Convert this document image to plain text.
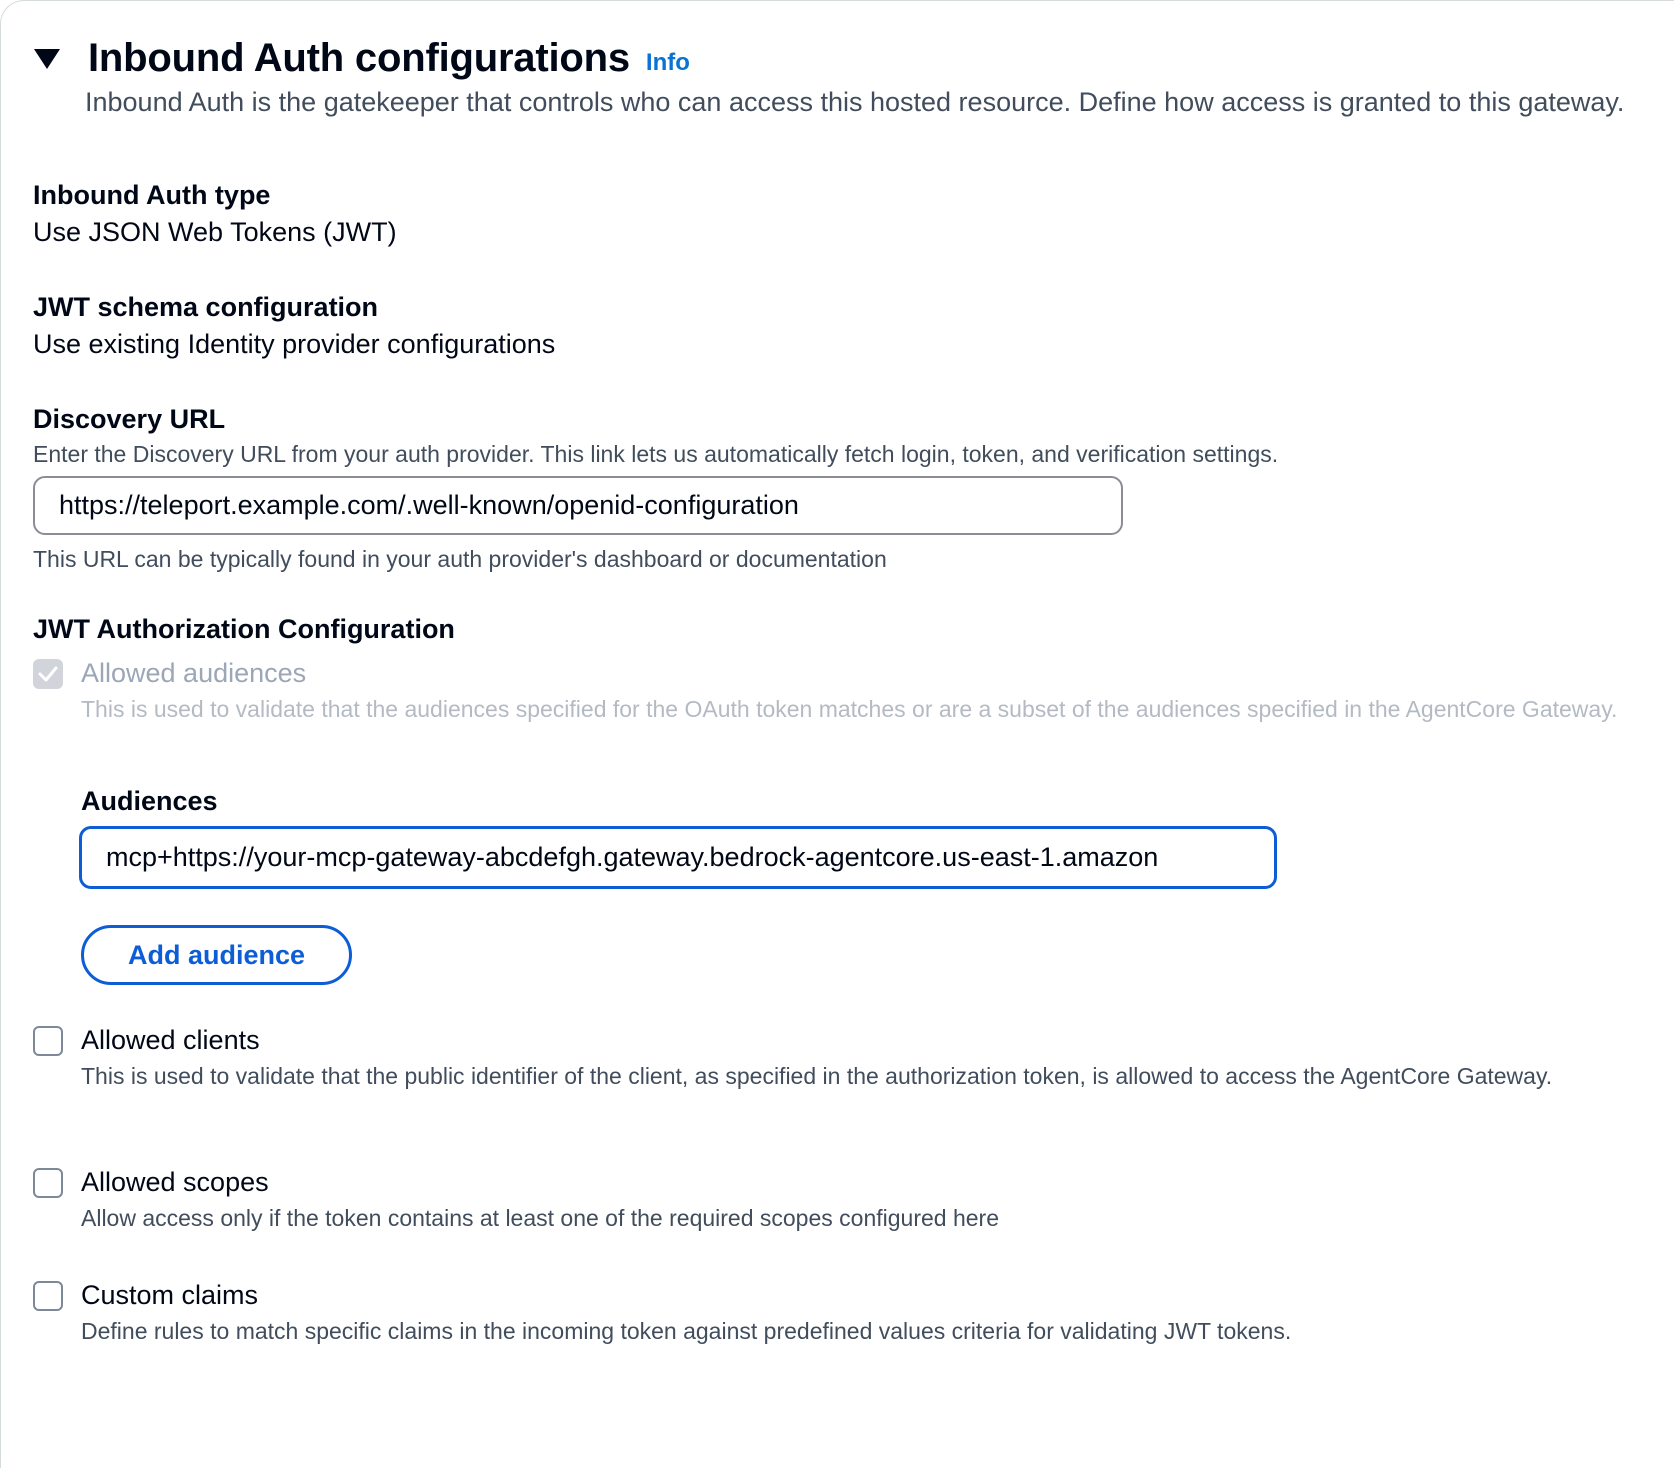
Inbound Auth configurations Info
Inbound Auth is the gatekeeper that controls who can access this hosted resource. Define how access is granted to this gateway.
Inbound Auth type
Use JSON Web Tokens (JWT)
JWT schema configuration
Use existing Identity provider configurations
Discovery URL
Enter the Discovery URL from your auth provider. This link lets us automatically fetch login, token, and verification settings.
https://teleport.example.com/.well-known/openid-configuration
This URL can be typically found in your auth provider's dashboard or documentation
JWT Authorization Configuration
Allowed audiences
This is used to validate that the audiences specified for the OAuth token matches or are a subset of the audiences specified in the AgentCore Gateway.
Audiences
mcp+https://your-mcp-gateway-abcdefgh.gateway.bedrock-agentcore.us-east-1.amazon
Add audience
Allowed clients
This is used to validate that the public identifier of the client, as specified in the authorization token, is allowed to access the AgentCore Gateway.
Allowed scopes
Allow access only if the token contains at least one of the required scopes configured here
Custom claims
Define rules to match specific claims in the incoming token against predefined values criteria for validating JWT tokens.
